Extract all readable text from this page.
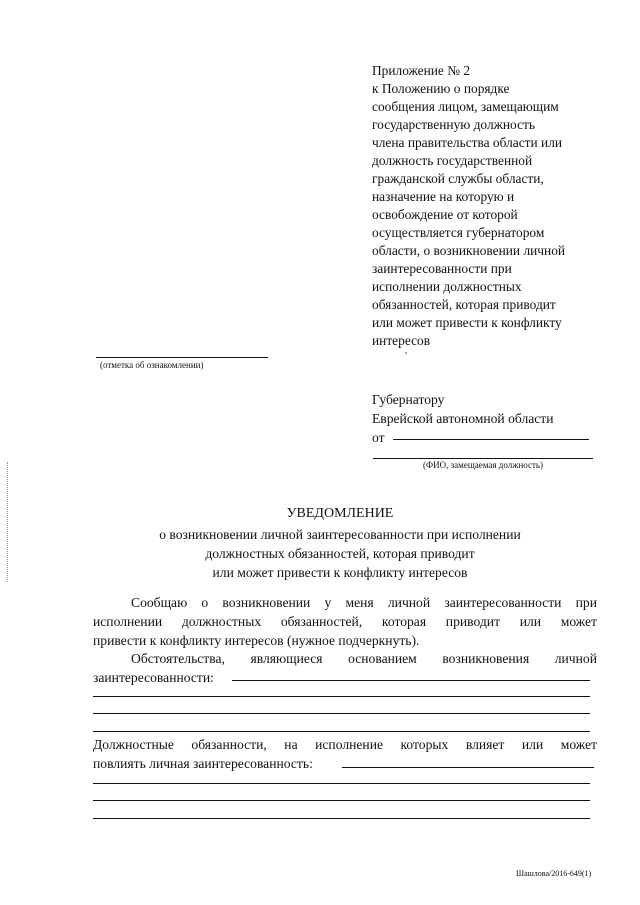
Приложение № 2
к Положению о порядке
сообщения лицом, замещающим
государственную должность
члена правительства области или
должность государственной
гражданской службы области,
назначение на которую и
освобождение от которой
осуществляется губернатором
области, о возникновении личной
заинтересованности при
исполнении должностных
обязанностей, которая приводит
или может привести к конфликту
интересов
(отметка об ознакомлении)
Губернатору
Еврейской автономной области
от
(ФИО, замещаемая должность)
УВЕДОМЛЕНИЕ
о возникновении личной заинтересованности при исполнении
должностных обязанностей, которая приводит
или может привести к конфликту интересов
Сообщаю о возникновении у меня личной заинтересованности при
исполнении должностных обязанностей, которая приводит или может
привести к конфликту интересов (нужное подчеркнуть).
Обстоятельства, являющиеся основанием возникновения личной
заинтересованности:
Должностные обязанности, на исполнение которых влияет или может
повлиять личная заинтересованность:
Шашлова/2016-649(1)
